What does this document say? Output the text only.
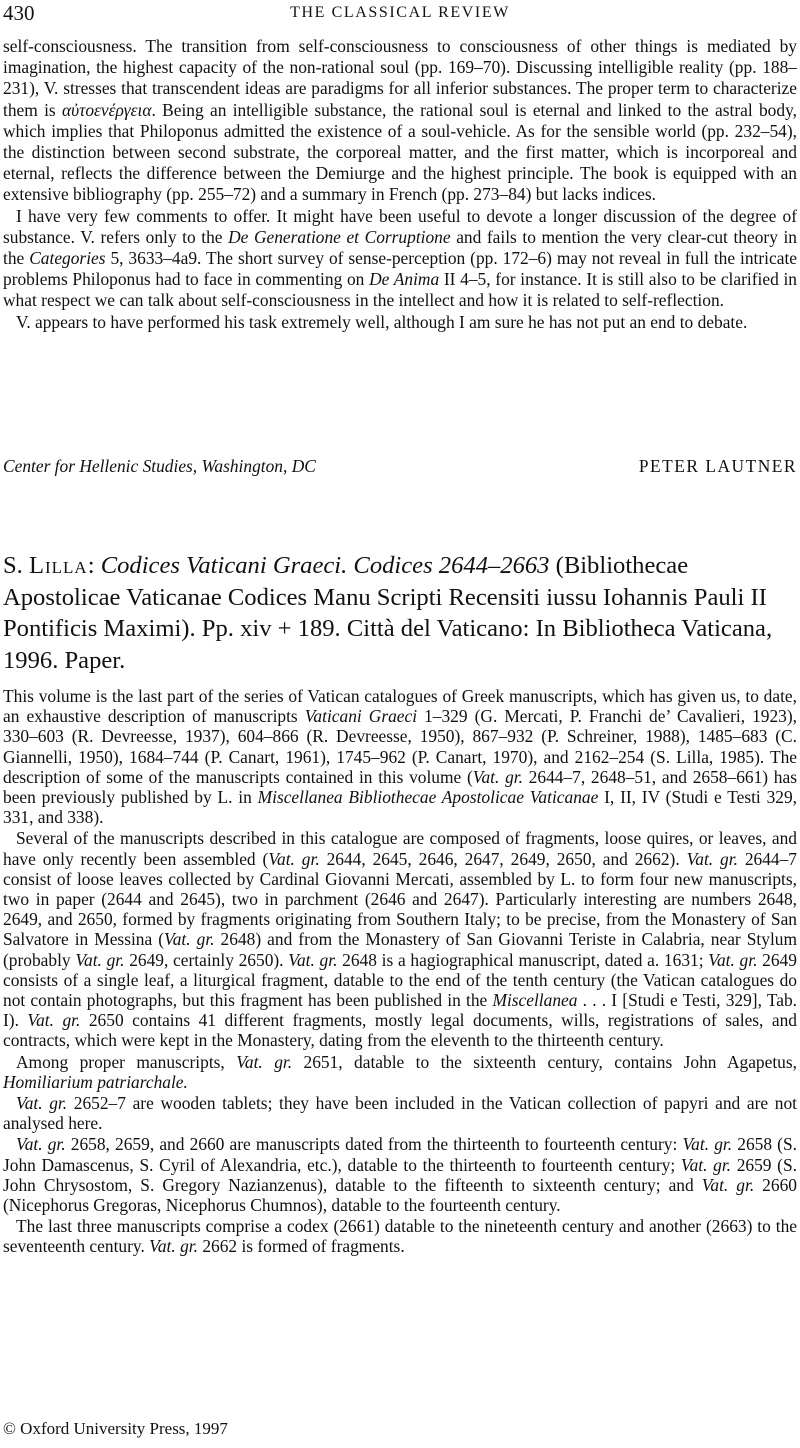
430	THE CLASSICAL REVIEW

self-consciousness. The transition from self-consciousness to consciousness of other things is mediated by imagination, the highest capacity of the non-rational soul (pp. 169–70). Discussing intelligible reality (pp. 188–231), V. stresses that transcendent ideas are paradigms for all inferior substances. The proper term to characterize them is αὐτοενέργεια. Being an intelligible substance, the rational soul is eternal and linked to the astral body, which implies that Philoponus admitted the existence of a soul-vehicle. As for the sensible world (pp. 232–54), the distinction between second substrate, the corporeal matter, and the first matter, which is incorporeal and eternal, reflects the difference between the Demiurge and the highest principle. The book is equipped with an extensive bibliography (pp. 255–72) and a summary in French (pp. 273–84) but lacks indices.

I have very few comments to offer. It might have been useful to devote a longer discussion of the degree of substance. V. refers only to the De Generatione et Corruptione and fails to mention the very clear-cut theory in the Categories 5, 3633–4a9. The short survey of sense-perception (pp. 172–6) may not reveal in full the intricate problems Philoponus had to face in commenting on De Anima II 4–5, for instance. It is still also to be clarified in what respect we can talk about self-consciousness in the intellect and how it is related to self-reflection.

V. appears to have performed his task extremely well, although I am sure he has not put an end to debate.

Center for Hellenic Studies, Washington, DC	PETER LAUTNER
S. Lilla: Codices Vaticani Graeci. Codices 2644–2663 (Bibliothecae Apostolicae Vaticanae Codices Manu Scripti Recensiti iussu Iohannis Pauli II Pontificis Maximi). Pp. xiv + 189. Città del Vaticano: In Bibliotheca Vaticana, 1996. Paper.

This volume is the last part of the series of Vatican catalogues of Greek manuscripts, which has given us, to date, an exhaustive description of manuscripts Vaticani Graeci 1–329 (G. Mercati, P. Franchi de’ Cavalieri, 1923), 330–603 (R. Devreesse, 1937), 604–866 (R. Devreesse, 1950), 867–932 (P. Schreiner, 1988), 1485–683 (C. Giannelli, 1950), 1684–744 (P. Canart, 1961), 1745–962 (P. Canart, 1970), and 2162–254 (S. Lilla, 1985). The description of some of the manuscripts contained in this volume (Vat. gr. 2644–7, 2648–51, and 2658–661) has been previously published by L. in Miscellanea Bibliothecae Apostolicae Vaticanae I, II, IV (Studi e Testi 329, 331, and 338).

Several of the manuscripts described in this catalogue are composed of fragments, loose quires, or leaves, and have only recently been assembled (Vat. gr. 2644, 2645, 2646, 2647, 2649, 2650, and 2662). Vat. gr. 2644–7 consist of loose leaves collected by Cardinal Giovanni Mercati, assembled by L. to form four new manuscripts, two in paper (2644 and 2645), two in parchment (2646 and 2647). Particularly interesting are numbers 2648, 2649, and 2650, formed by fragments originating from Southern Italy; to be precise, from the Monastery of San Salvatore in Messina (Vat. gr. 2648) and from the Monastery of San Giovanni Teriste in Calabria, near Stylum (probably Vat. gr. 2649, certainly 2650). Vat. gr. 2648 is a hagiographical manuscript, dated a. 1631; Vat. gr. 2649 consists of a single leaf, a liturgical fragment, datable to the end of the tenth century (the Vatican catalogues do not contain photographs, but this fragment has been published in the Miscellanea . . . I [Studi e Testi, 329], Tab. I). Vat. gr. 2650 contains 41 different fragments, mostly legal documents, wills, registrations of sales, and contracts, which were kept in the Monastery, dating from the eleventh to the thirteenth century.

Among proper manuscripts, Vat. gr. 2651, datable to the sixteenth century, contains John Agapetus, Homiliarium patriarchale.

Vat. gr. 2652–7 are wooden tablets; they have been included in the Vatican collection of papyri and are not analysed here.

Vat. gr. 2658, 2659, and 2660 are manuscripts dated from the thirteenth to fourteenth century: Vat. gr. 2658 (S. John Damascenus, S. Cyril of Alexandria, etc.), datable to the thirteenth to fourteenth century; Vat. gr. 2659 (S. John Chrysostom, S. Gregory Nazianzenus), datable to the fifteenth to sixteenth century; and Vat. gr. 2660 (Nicephorus Gregoras, Nicephorus Chumnos), datable to the fourteenth century.

The last three manuscripts comprise a codex (2661) datable to the nineteenth century and another (2663) to the seventeenth century. Vat. gr. 2662 is formed of fragments.

© Oxford University Press, 1997
